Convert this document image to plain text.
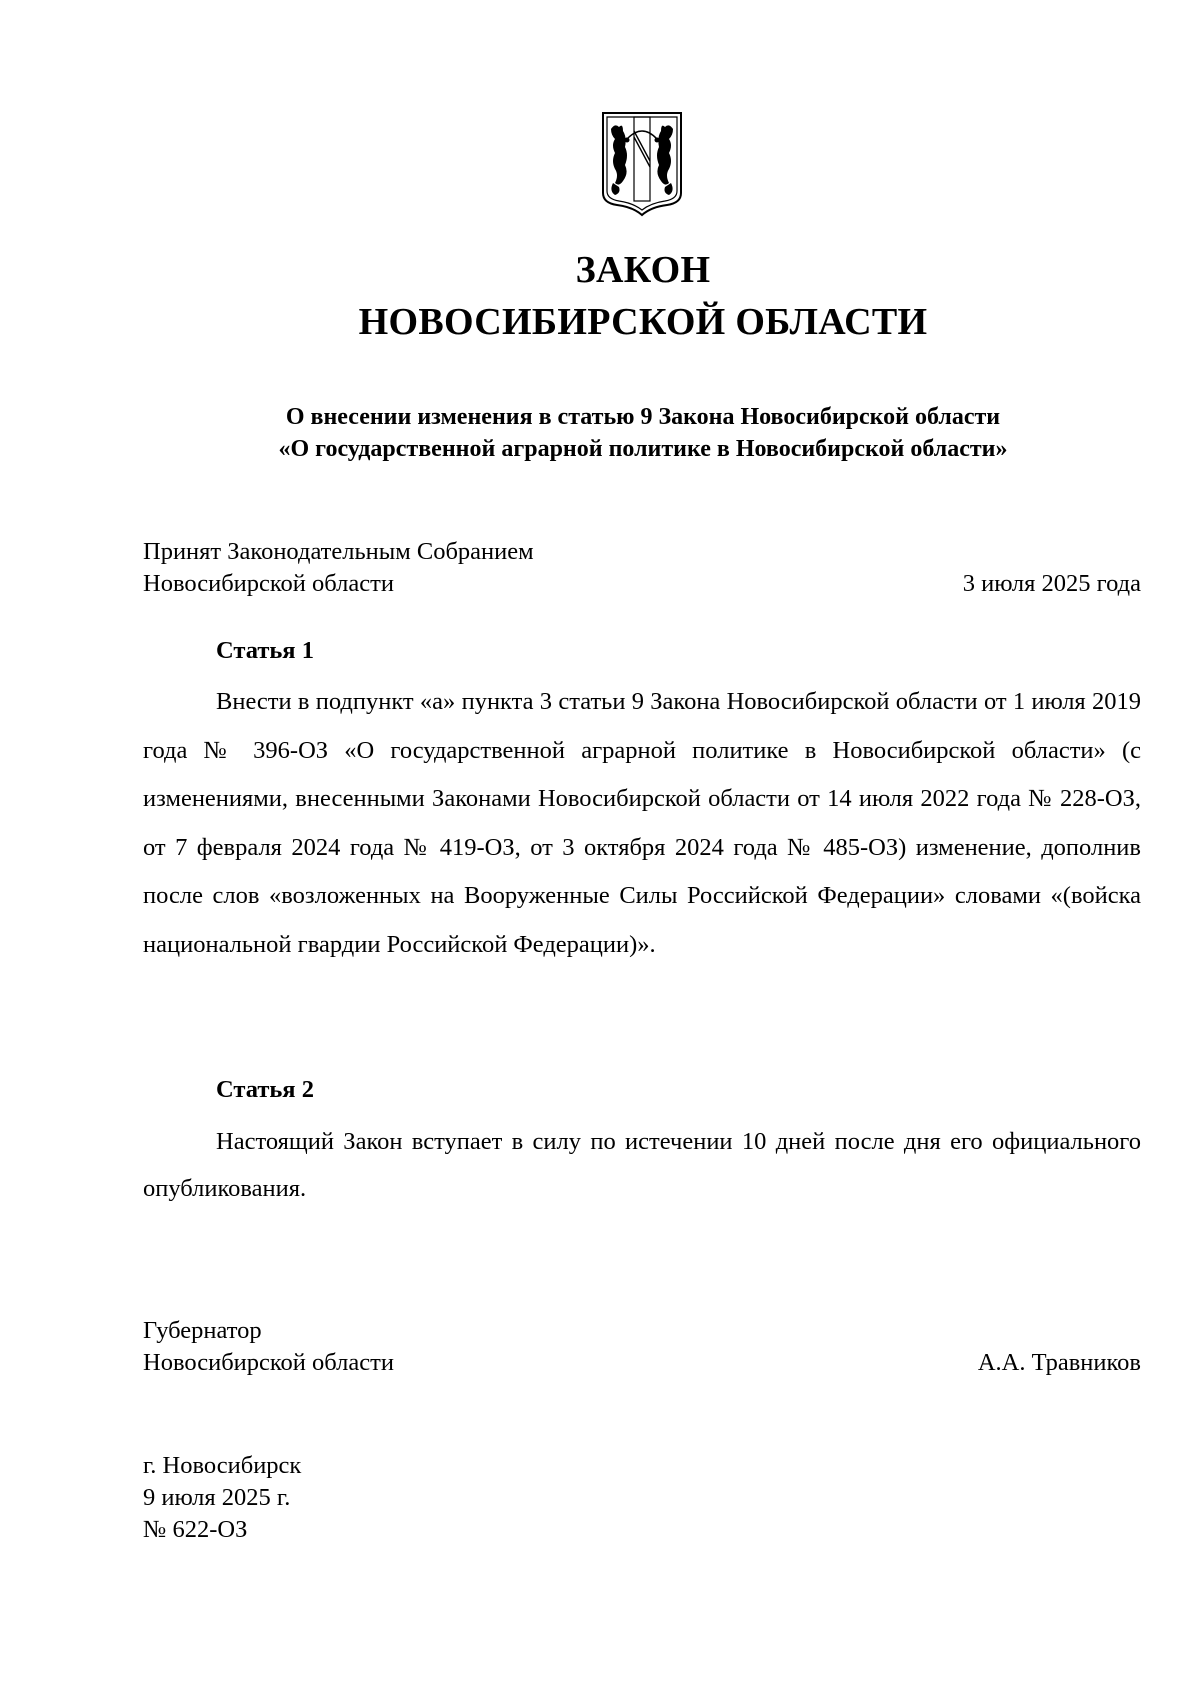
ЗАКОН
НОВОСИБИРСКОЙ ОБЛАСТИ
О внесении изменения в статью 9 Закона Новосибирской области
«О государственной аграрной политике в Новосибирской области»
Принят Законодательным Собранием
Новосибирской области	3 июля 2025 года
Статья 1

Внести в подпункт «а» пункта 3 статьи 9 Закона Новосибирской области от 1 июля 2019 года № 396-ОЗ «О государственной аграрной политике в Новосибирской области» (с изменениями, внесенными Законами Новосибирской области от 14 июля 2022 года № 228-ОЗ, от 7 февраля 2024 года № 419-ОЗ, от 3 октября 2024 года № 485-ОЗ) изменение, дополнив после слов «возложенных на Вооруженные Силы Российской Федерации» словами «(войска национальной гвардии Российской Федерации)».

Статья 2

Настоящий Закон вступает в силу по истечении 10 дней после дня его официального опубликования.

Губернатор
Новосибирской области	А.А. Травников
г. Новосибирск
9 июля 2025 г.
№ 622-ОЗ
